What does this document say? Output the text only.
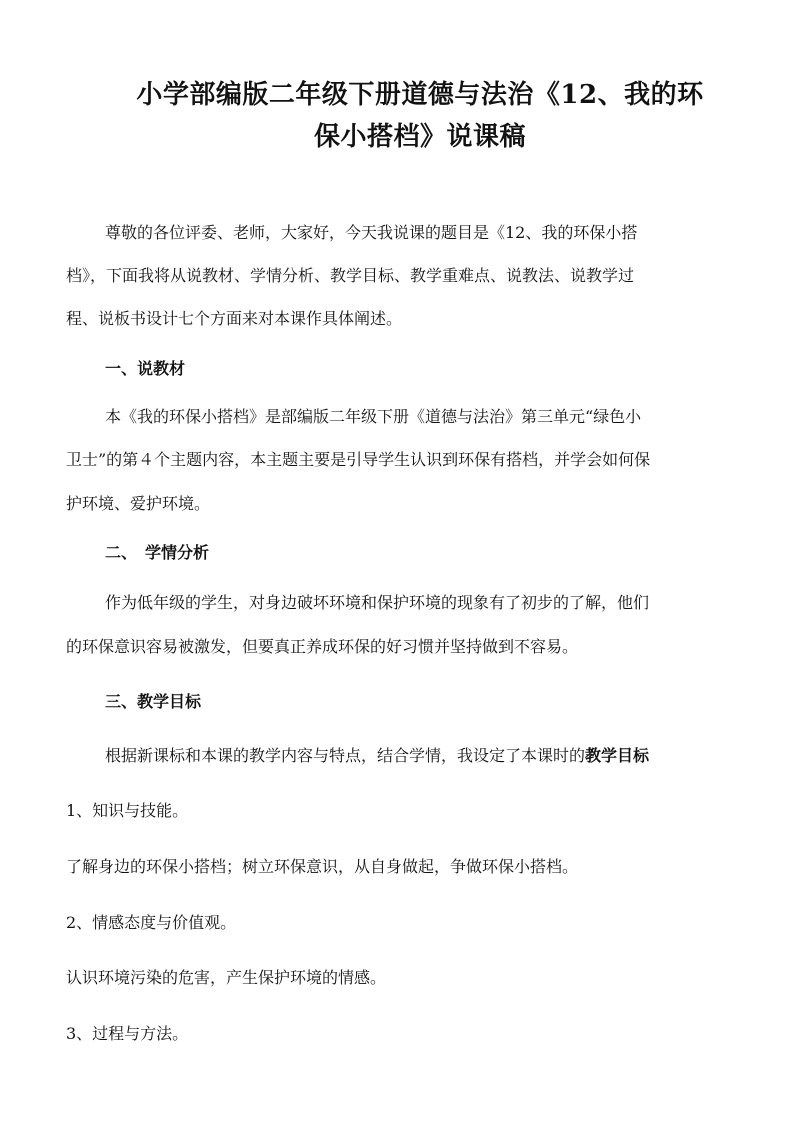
小学部编版二年级下册道德与法治《12、我的环
保小搭档》说课稿

尊敬的各位评委、老师，大家好，今天我说课的题目是《12、我的环保小搭

档》，下面我将从说教材、学情分析、教学目标、教学重难点、说教法、说教学过

程、说板书设计七个方面来对本课作具体阐述。

一、说教材

本《我的环保小搭档》是部编版二年级下册《道德与法治》第三单元“绿色小

卫士”的第４个主题内容，本主题主要是引导学生认识到环保有搭档，并学会如何保

护环境、爱护环境。

二、　学情分析

作为低年级的学生，对身边破坏环境和保护环境的现象有了初步的了解，他们

的环保意识容易被激发，但要真正养成环保的好习惯并坚持做到不容易。

三、教学目标

根据新课标和本课的教学内容与特点，结合学情，我设定了本课时的教学目标

1、知识与技能。

了解身边的环保小搭档；树立环保意识，从自身做起，争做环保小搭档。

2、情感态度与价值观。

认识环境污染的危害，产生保护环境的情感。

3、过程与方法。
